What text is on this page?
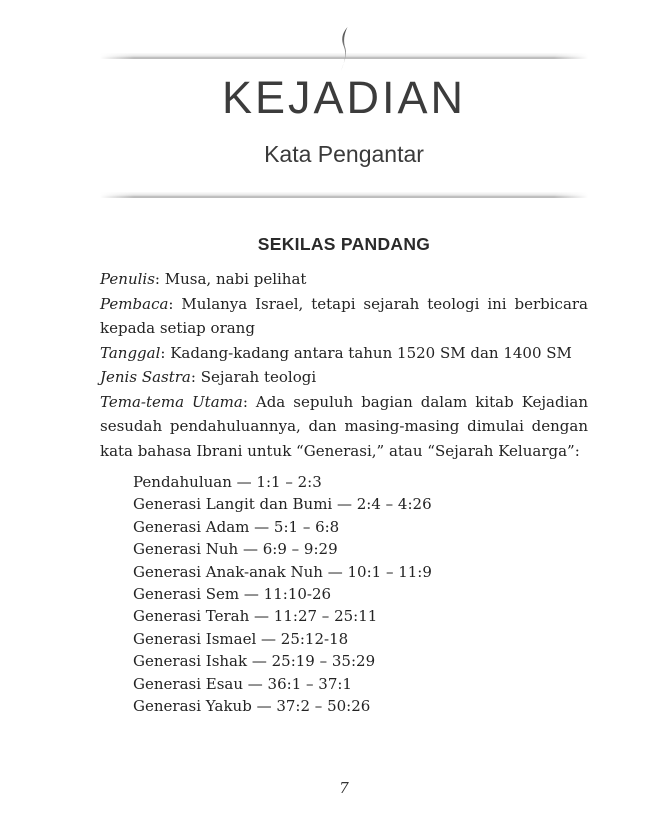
KEJADIAN
Kata Pengantar
SEKILAS PANDANG

Penulis: Musa, nabi pelihat

Pembaca: Mulanya Israel, tetapi sejarah teologi ini berbicara kepada setiap orang

Tanggal: Kadang-kadang antara tahun 1520 SM dan 1400 SM

Jenis Sastra: Sejarah teologi

Tema-tema Utama: Ada sepuluh bagian dalam kitab Kejadian sesudah pendahuluannya, dan masing-masing dimulai dengan kata bahasa Ibrani untuk “Generasi,” atau “Sejarah Keluarga”:

Pendahuluan — 1:1 – 2:3
Generasi Langit dan Bumi — 2:4 – 4:26
Generasi Adam — 5:1 – 6:8
Generasi Nuh — 6:9 – 9:29
Generasi Anak-anak Nuh — 10:1 – 11:9
Generasi Sem — 11:10-26
Generasi Terah — 11:27 – 25:11
Generasi Ismael — 25:12-18
Generasi Ishak — 25:19 – 35:29
Generasi Esau — 36:1 – 37:1
Generasi Yakub — 37:2 – 50:26
7
